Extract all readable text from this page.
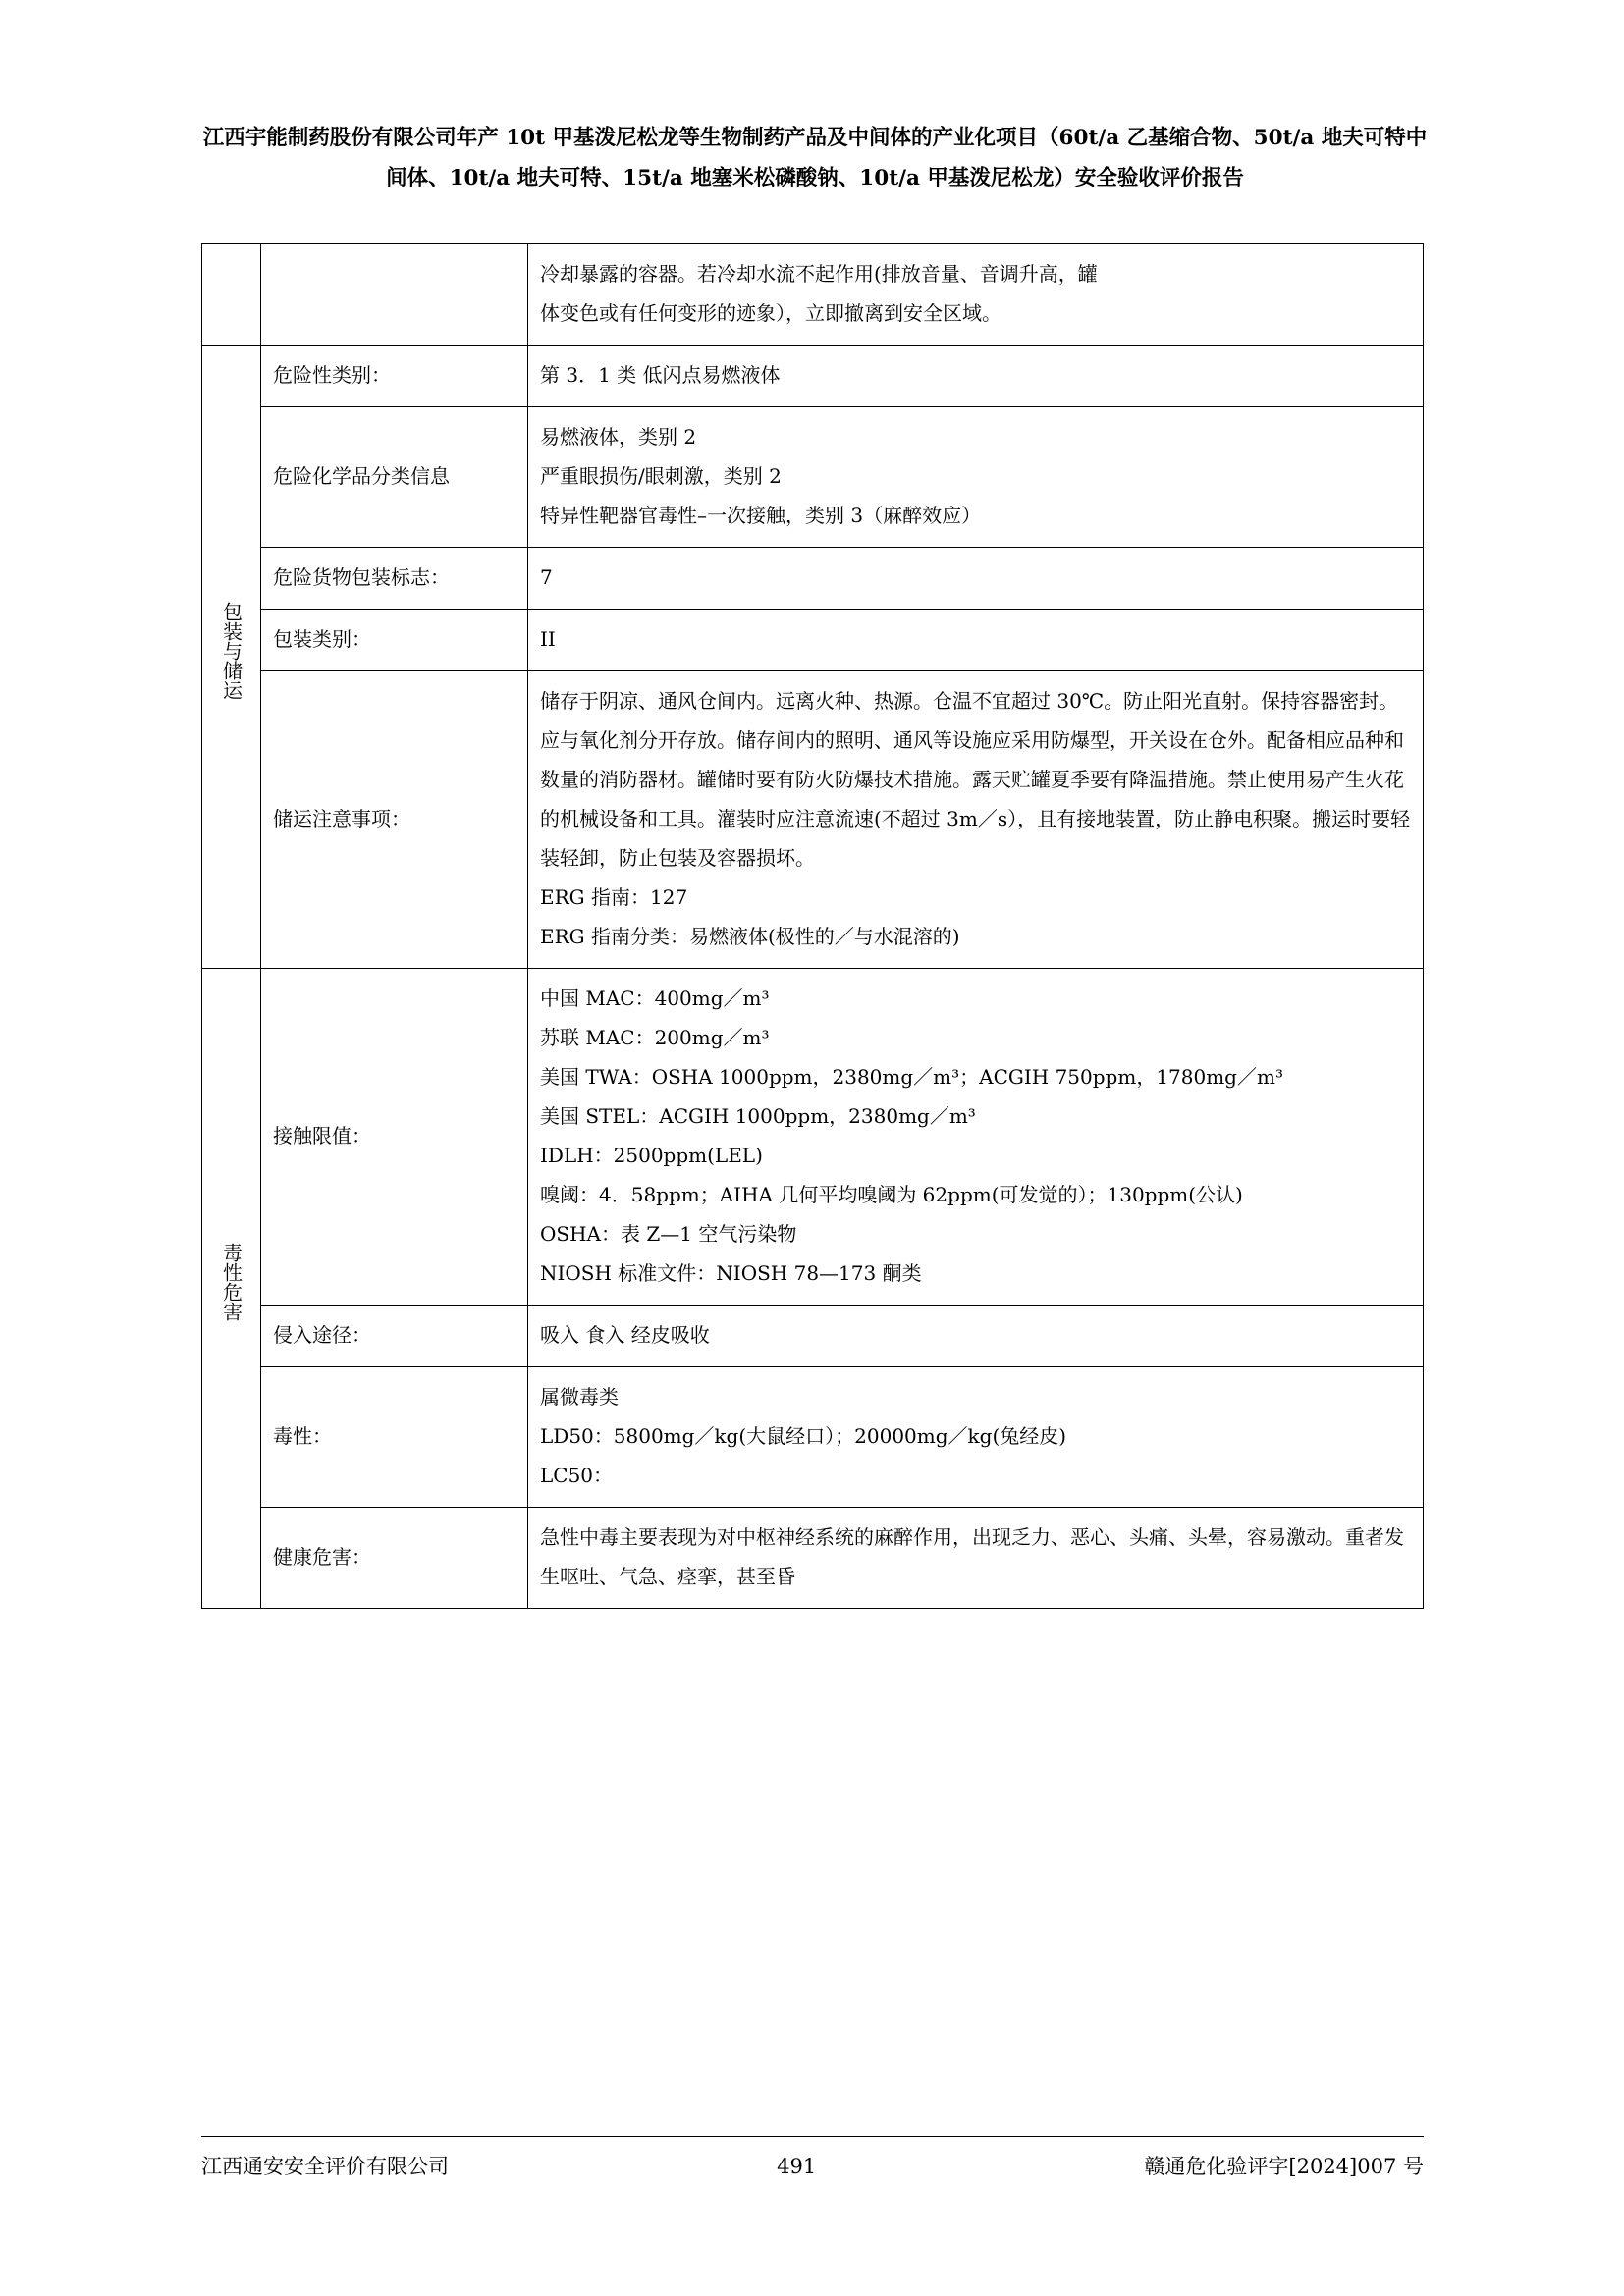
江西宇能制药股份有限公司年产 10t 甲基泼尼松龙等生物制药产品及中间体的产业化项目（60t/a 乙基缩合物、50t/a 地夫可特中间体、10t/a 地夫可特、15t/a 地塞米松磷酸钠、10t/a 甲基泼尼松龙）安全验收评价报告

		冷却暴露的容器。若冷却水流不起作用(排放音量、音调升高，罐
体变色或有任何变形的迹象），立即撤离到安全区域。

包装与储运	危险性类别：	第 3．1 类 低闪点易燃液体

	危险化学品分类信息	易燃液体，类别 2
严重眼损伤/眼刺激，类别 2
特异性靶器官毒性–一次接触，类别 3（麻醉效应）

	危险货物包装标志：	7

	包装类别：	II

	储运注意事项：	储存于阴凉、通风仓间内。远离火种、热源。仓温不宜超过 30℃。防止阳光直射。保持容器密封。应与氧化剂分开存放。储存间内的照明、通风等设施应采用防爆型，开关设在仓外。配备相应品种和数量的消防器材。罐储时要有防火防爆技术措施。露天贮罐夏季要有降温措施。禁止使用易产生火花的机械设备和工具。灌装时应注意流速(不超过 3m／s），且有接地装置，防止静电积聚。搬运时要轻装轻卸，防止包装及容器损坏。
ERG 指南：127
ERG 指南分类：易燃液体(极性的／与水混溶的)

毒性危害	接触限值：	
中国 MAC：400mg／m³
苏联 MAC：200mg／m³
美国 TWA：OSHA 1000ppm，2380mg／m³；ACGIH 750ppm，1780mg／m³
美国 STEL：ACGIH 1000ppm，2380mg／m³
IDLH：2500ppm(LEL)
嗅阈：4．58ppm；AIHA 几何平均嗅阈为 62ppm(可发觉的）；130ppm(公认)
OSHA：表 Z—1 空气污染物
NIOSH 标准文件：NIOSH 78—173 酮类

	侵入途径：	吸入 食入 经皮吸收

	毒性：	属微毒类
LD50：5800mg／kg(大鼠经口）；20000mg／kg(兔经皮)
LC50：

	健康危害：	急性中毒主要表现为对中枢神经系统的麻醉作用，出现乏力、恶心、头痛、头晕，容易激动。重者发生呕吐、气急、痉挛，甚至昏
江西通安安全评价有限公司	491	赣通危化验评字[2024]007 号
